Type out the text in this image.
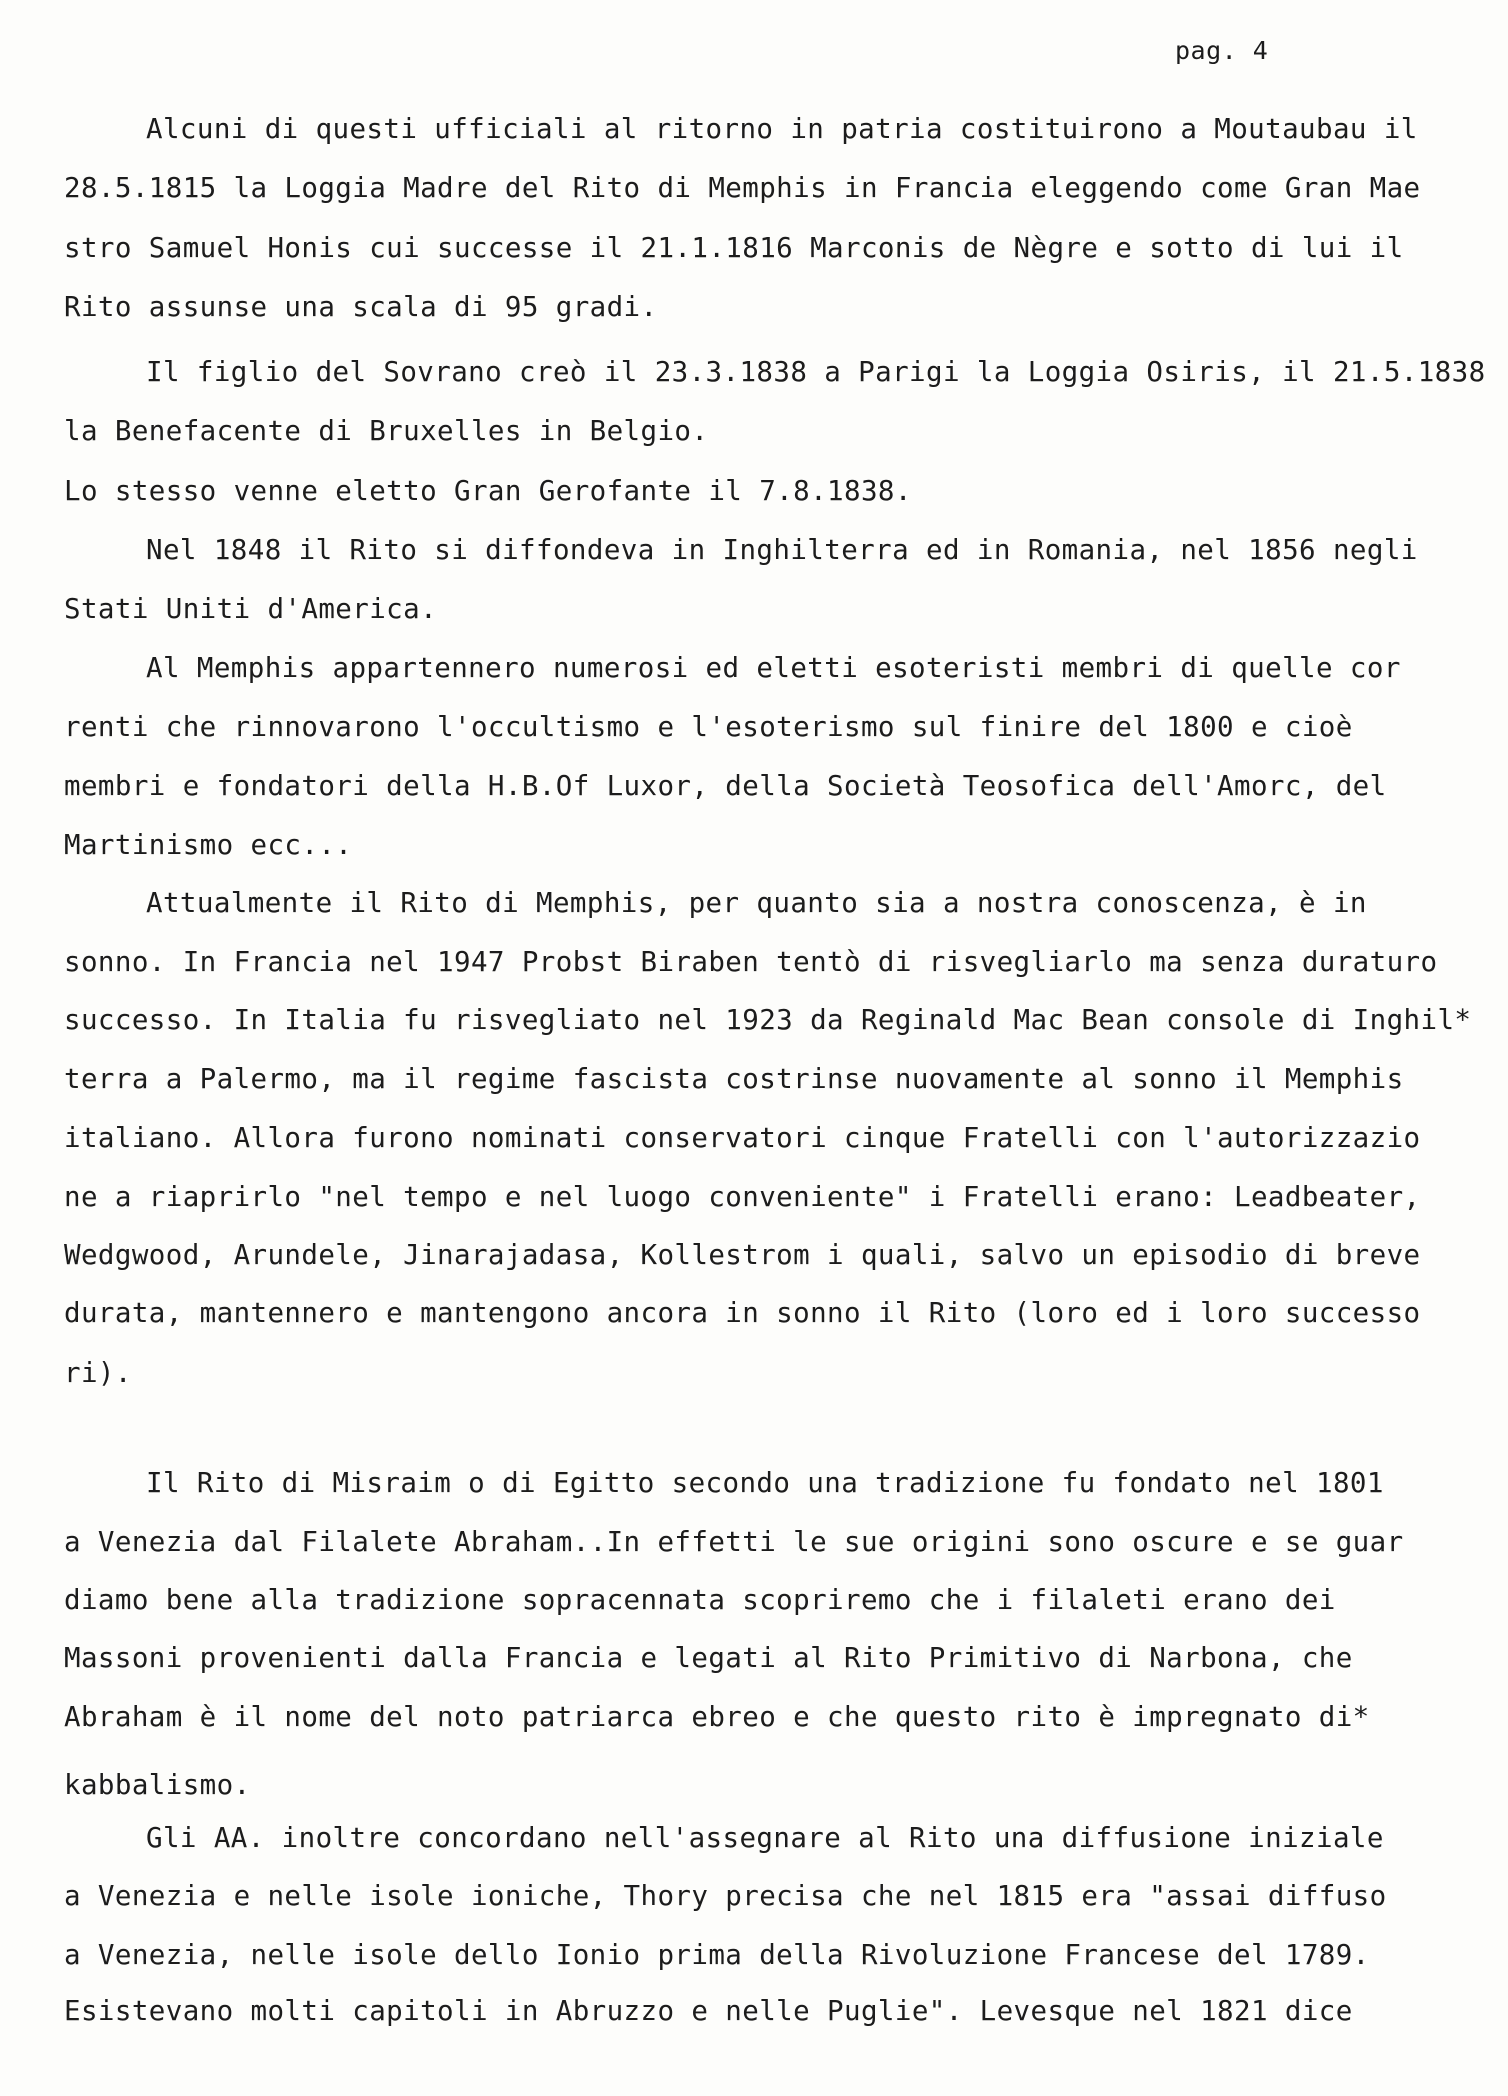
pag. 4
Alcuni di questi ufficiali al ritorno in patria costituirono a Moutaubau il
28.5.1815 la Loggia Madre del Rito di Memphis in Francia eleggendo come Gran Mae
stro Samuel Honis cui successe il 21.1.1816 Marconis de Nègre e sotto di lui il
Rito assunse una scala di 95 gradi.
Il figlio del Sovrano creò il 23.3.1838 a Parigi la Loggia Osiris, il 21.5.1838
la Benefacente di Bruxelles in Belgio.
Lo stesso venne eletto Gran Gerofante il 7.8.1838.
Nel 1848 il Rito si diffondeva in Inghilterra ed in Romania, nel 1856 negli
Stati Uniti d'America.
Al Memphis appartennero numerosi ed eletti esoteristi membri di quelle cor
renti che rinnovarono l'occultismo e l'esoterismo sul finire del 1800 e cioè
membri e fondatori della H.B.Of Luxor, della Società Teosofica dell'Amorc, del
Martinismo ecc...
Attualmente il Rito di Memphis, per quanto sia a nostra conoscenza, è in
sonno. In Francia nel 1947 Probst Biraben tentò di risvegliarlo ma senza duraturo
successo. In Italia fu risvegliato nel 1923 da Reginald Mac Bean console di Inghil*
terra a Palermo, ma il regime fascista costrinse nuovamente al sonno il Memphis
italiano. Allora furono nominati conservatori cinque Fratelli con l'autorizzazio
ne a riaprirlo "nel tempo e nel luogo conveniente" i Fratelli erano: Leadbeater,
Wedgwood, Arundele, Jinarajadasa, Kollestrom i quali, salvo un episodio di breve
durata, mantennero e mantengono ancora in sonno il Rito (loro ed i loro successo
ri).
Il Rito di Misraim o di Egitto secondo una tradizione fu fondato nel 1801
a Venezia dal Filalete Abraham..In effetti le sue origini sono oscure e se guar
diamo bene alla tradizione sopracennata scopriremo che i filaleti erano dei
Massoni provenienti dalla Francia e legati al Rito Primitivo di Narbona, che
Abraham è il nome del noto patriarca ebreo e che questo rito è impregnato di*
kabbalismo.
Gli AA. inoltre concordano nell'assegnare al Rito una diffusione iniziale
a Venezia e nelle isole ioniche, Thory precisa che nel 1815 era "assai diffuso
a Venezia, nelle isole dello Ionio prima della Rivoluzione Francese del 1789.
Esistevano molti capitoli in Abruzzo e nelle Puglie". Levesque nel 1821 dice
